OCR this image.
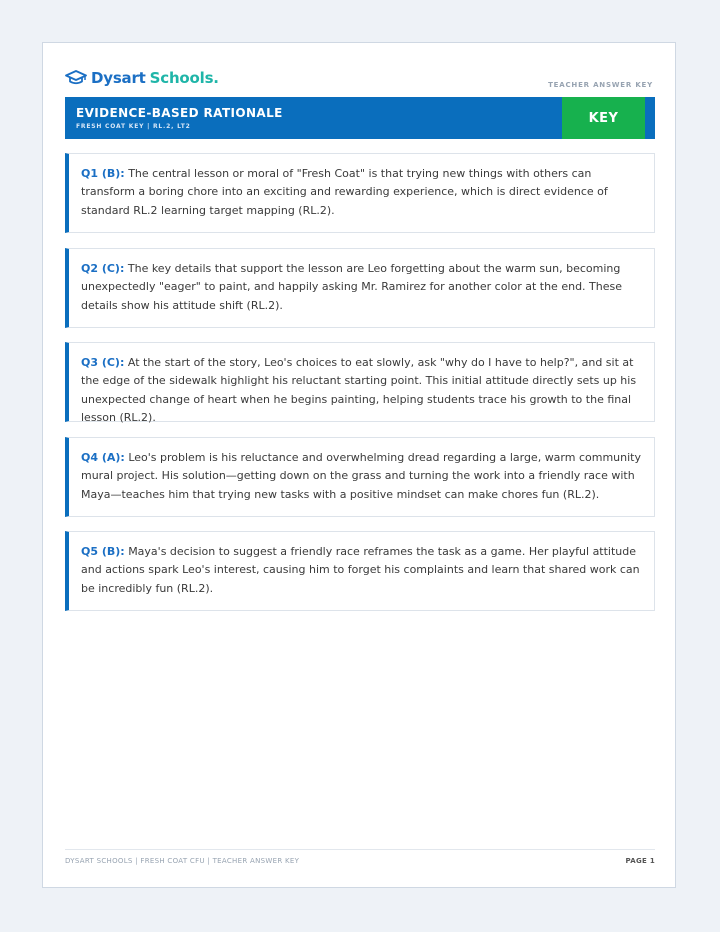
Dysart Schools.	TEACHER ANSWER KEY
EVIDENCE-BASED RATIONALE
FRESH COAT KEY | RL.2, LT2
KEY

Q1 (B): The central lesson or moral of "Fresh Coat" is that trying new things with others can transform a boring chore into an exciting and rewarding experience, which is direct evidence of standard RL.2 learning target mapping (RL.2).

Q2 (C): The key details that support the lesson are Leo forgetting about the warm sun, becoming unexpectedly "eager" to paint, and happily asking Mr. Ramirez for another color at the end. These details show his attitude shift (RL.2).

Q3 (C): At the start of the story, Leo's choices to eat slowly, ask "why do I have to help?", and sit at the edge of the sidewalk highlight his reluctant starting point. This initial attitude directly sets up his unexpected change of heart when he begins painting, helping students trace his growth to the final lesson (RL.2).

Q4 (A): Leo's problem is his reluctance and overwhelming dread regarding a large, warm community mural project. His solution—getting down on the grass and turning the work into a friendly race with Maya—teaches him that trying new tasks with a positive mindset can make chores fun (RL.2).

Q5 (B): Maya's decision to suggest a friendly race reframes the task as a game. Her playful attitude and actions spark Leo's interest, causing him to forget his complaints and learn that shared work can be incredibly fun (RL.2).

DYSART SCHOOLS | FRESH COAT CFU | TEACHER ANSWER KEY	PAGE 1
